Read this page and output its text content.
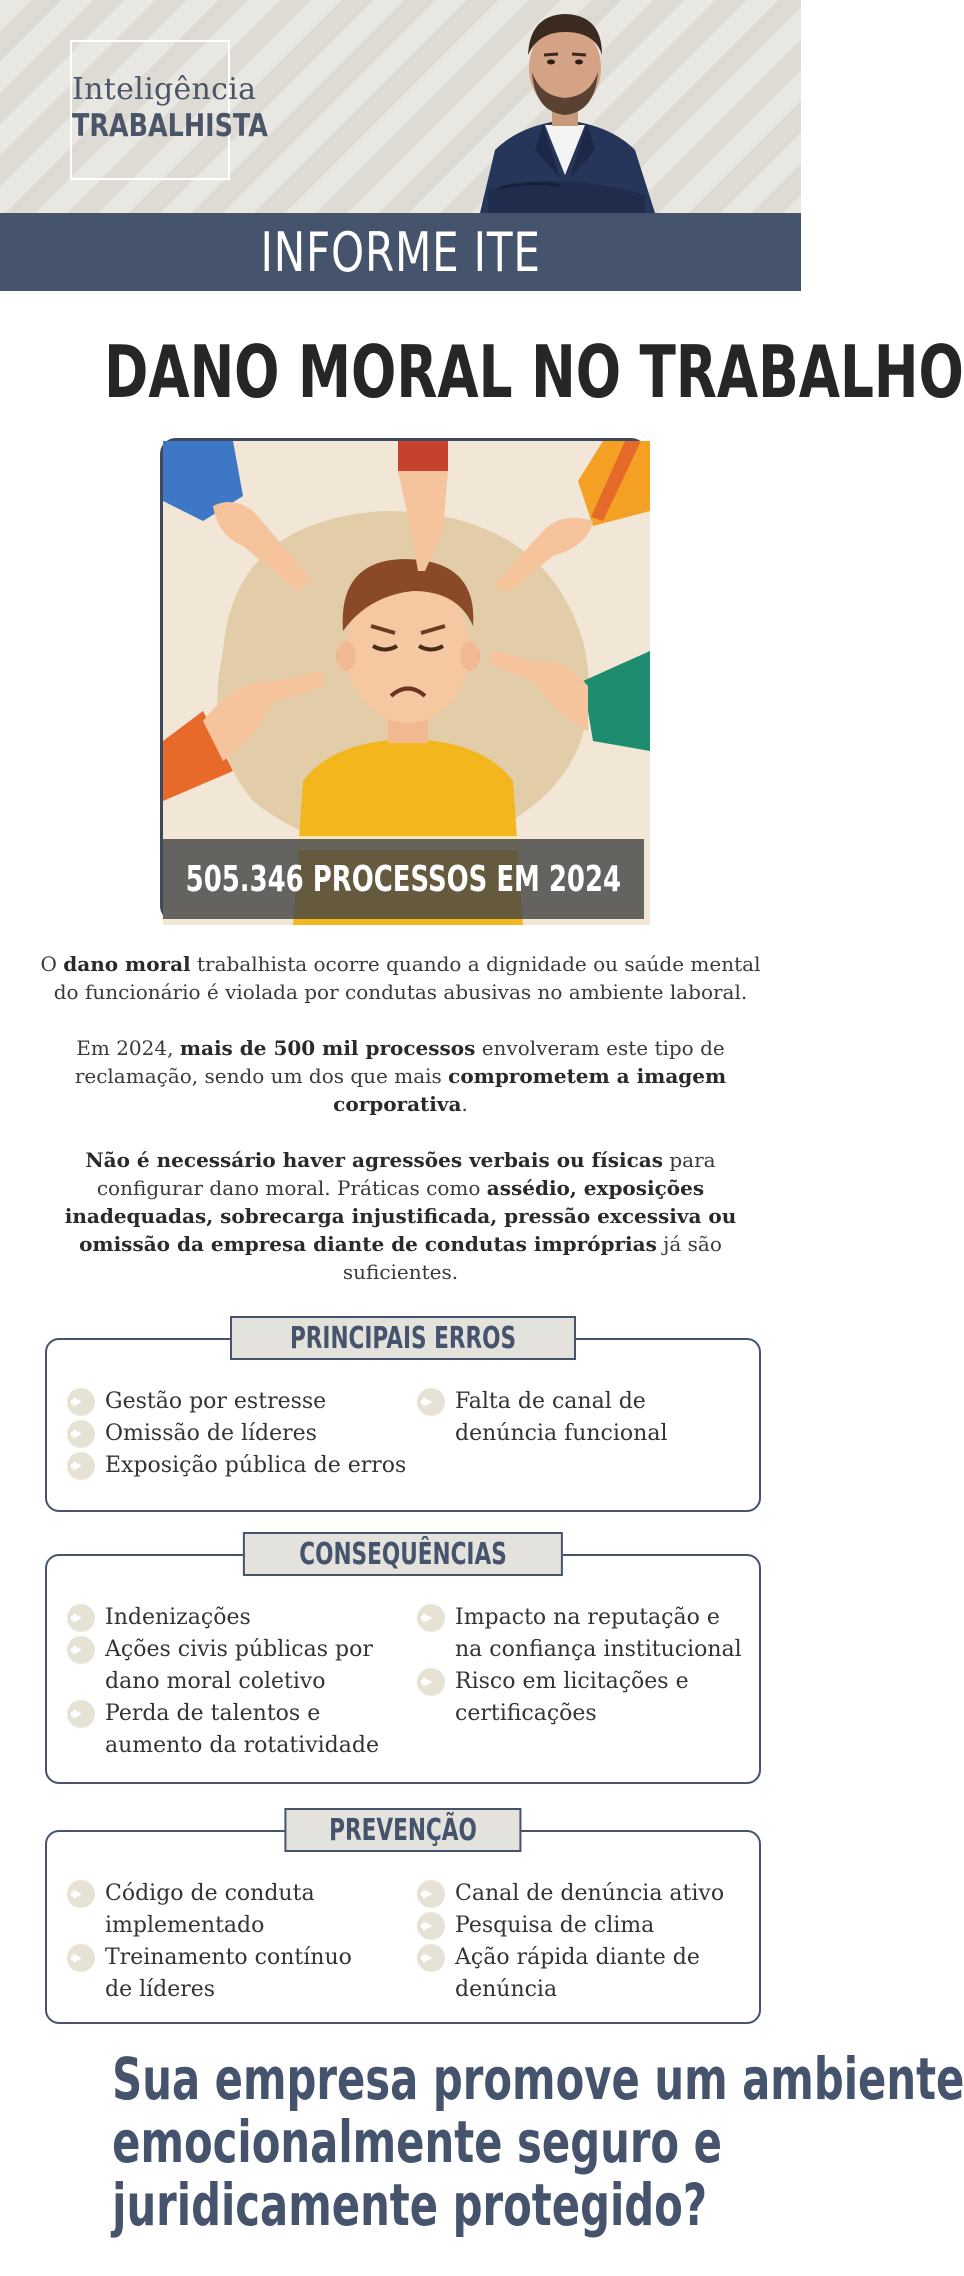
Inteligência
TRABALHISTA
INFORME ITE
DANO MORAL NO TRABALHO
505.346 PROCESSOS EM 2024

O dano moral trabalhista ocorre quando a dignidade ou saúde mental do funcionário é violada por condutas abusivas no ambiente laboral.

Em 2024, mais de 500 mil processos envolveram este tipo de reclamação, sendo um dos que mais comprometem a imagem corporativa.

Não é necessário haver agressões verbais ou físicas para configurar dano moral. Práticas como assédio, exposições inadequadas, sobrecarga injustificada, pressão excessiva ou omissão da empresa diante de condutas impróprias já são suficientes.

PRINCIPAIS ERROS
Gestão por estresse
Omissão de líderes
Exposição pública de erros
Falta de canal de denúncia funcional
CONSEQUÊNCIAS
Indenizações
Ações civis públicas por dano moral coletivo
Perda de talentos e aumento da rotatividade
Impacto na reputação e na confiança institucional
Risco em licitações e certificações
PREVENÇÃO
Código de conduta implementado
Treinamento contínuo de líderes
Canal de denúncia ativo
Pesquisa de clima
Ação rápida diante de denúncia
Sua empresa promove um ambiente
emocionalmente seguro e
juridicamente protegido?
